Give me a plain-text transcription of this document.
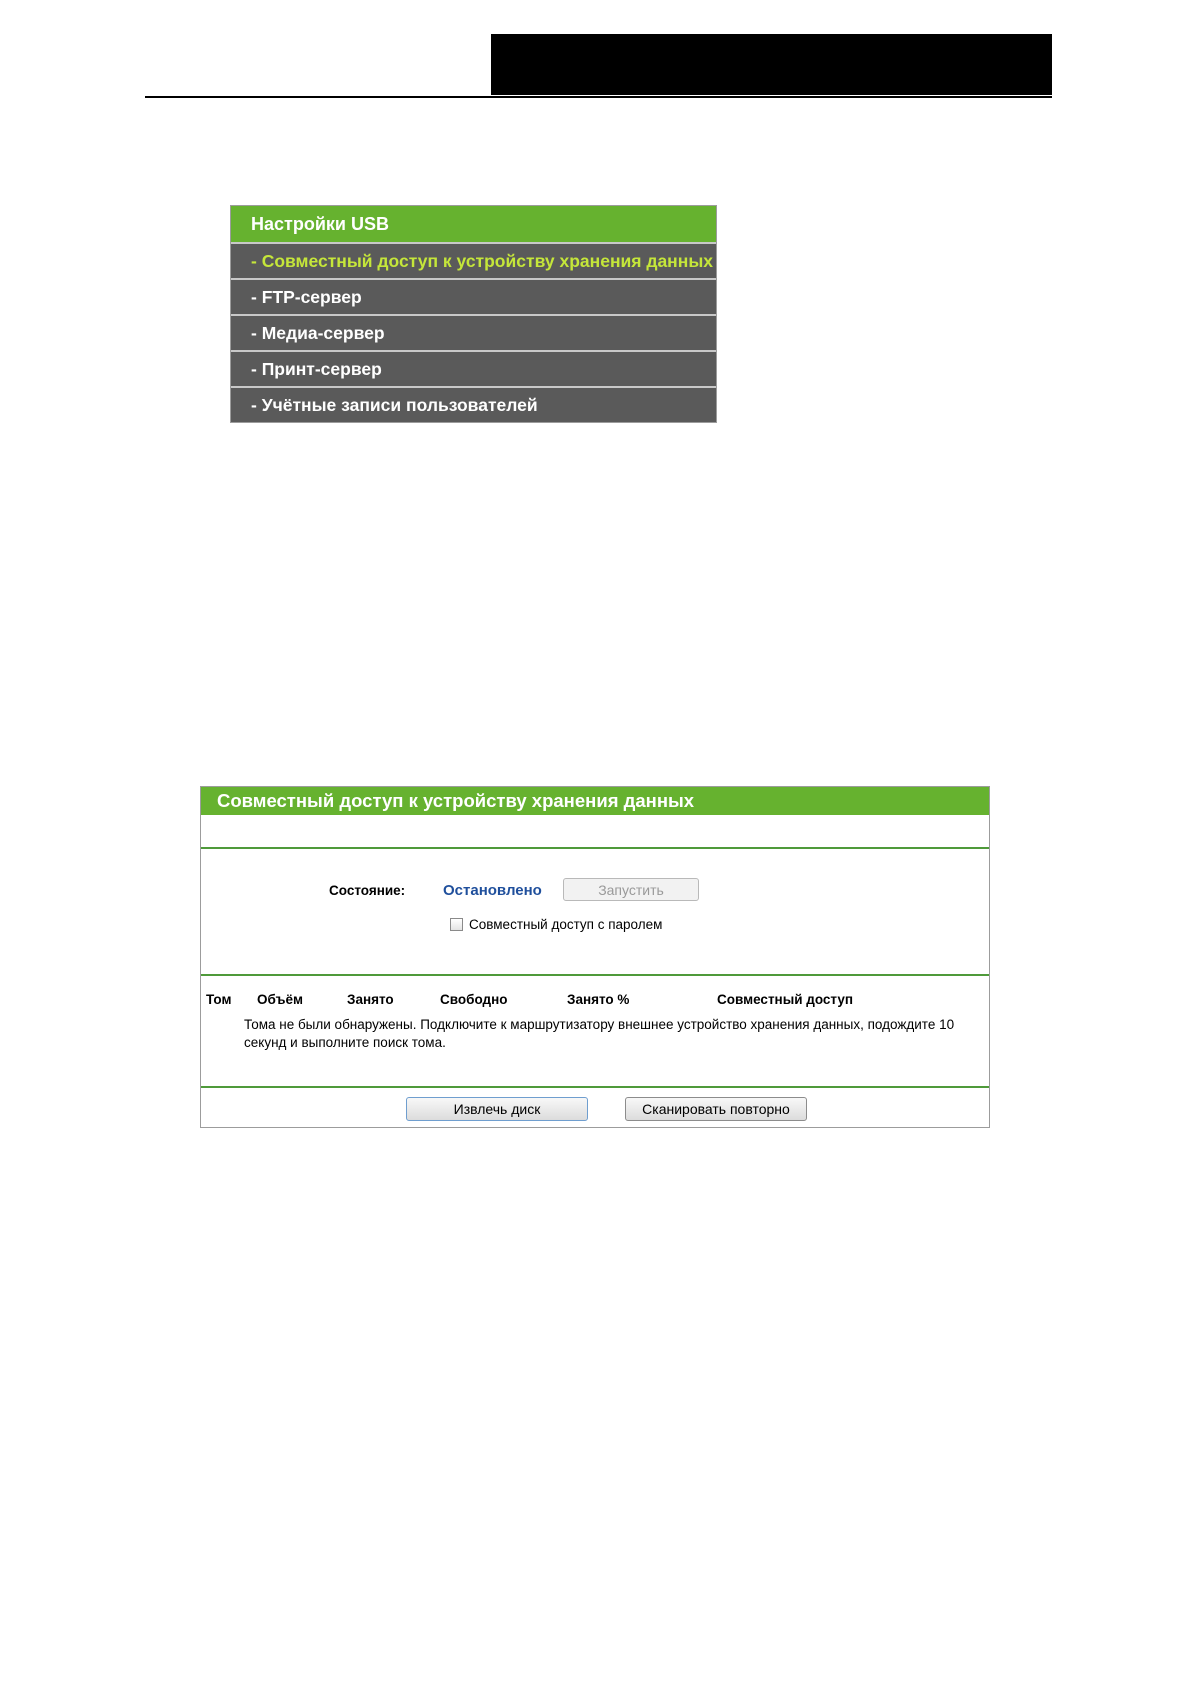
Настройки USB
- Совместный доступ к устройству хранения данных
- FTP-сервер
- Медиа-сервер
- Принт-сервер
- Учётные записи пользователей
Совместный доступ к устройству хранения данных
Состояние:	Остановлено	Запустить
Совместный доступ с паролем
Том Объём	Занято	Свободно	Занято %	Совместный доступ
Тома не были обнаружены. Подключите к маршрутизатору внешнее устройство хранения данных, подождите 10 секунд и выполните поиск тома.
Извлечь диск	Сканировать повторно
